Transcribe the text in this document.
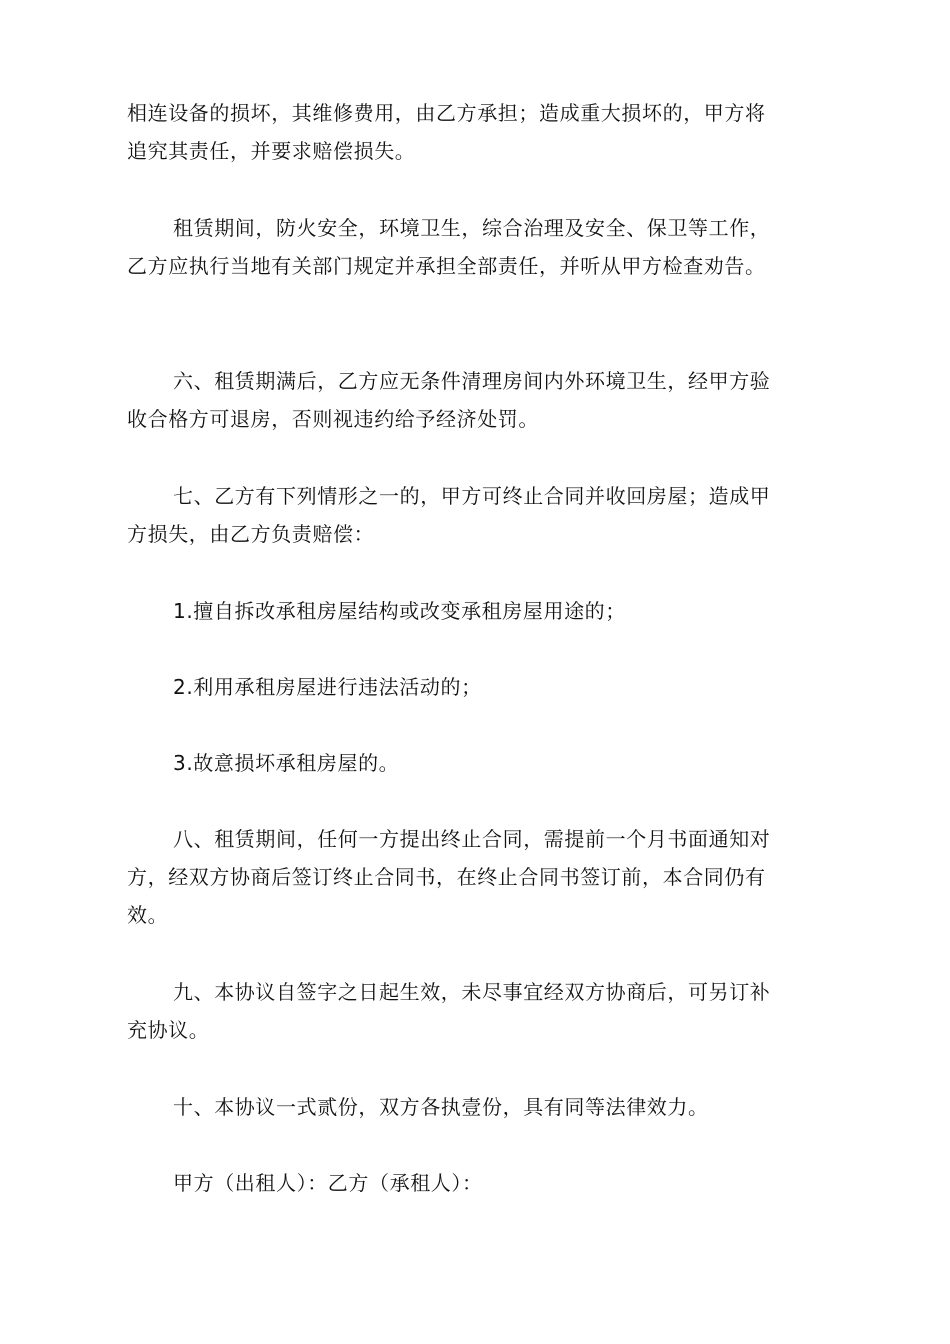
相连设备的损坏，其维修费用，由乙方承担；造成重大损坏的，甲方将
追究其责任，并要求赔偿损失。
租赁期间，防火安全，环境卫生，综合治理及安全、保卫等工作，
乙方应执行当地有关部门规定并承担全部责任，并听从甲方检查劝告。
六、租赁期满后，乙方应无条件清理房间内外环境卫生，经甲方验
收合格方可退房，否则视违约给予经济处罚。
七、乙方有下列情形之一的，甲方可终止合同并收回房屋；造成甲
方损失，由乙方负责赔偿：
1.擅自拆改承租房屋结构或改变承租房屋用途的；
2.利用承租房屋进行违法活动的；
3.故意损坏承租房屋的。
八、租赁期间，任何一方提出终止合同，需提前一个月书面通知对
方，经双方协商后签订终止合同书，在终止合同书签订前，本合同仍有
效。
九、本协议自签字之日起生效，未尽事宜经双方协商后，可另订补
充协议。
十、本协议一式贰份，双方各执壹份，具有同等法律效力。
甲方（出租人）：乙方（承租人）：
